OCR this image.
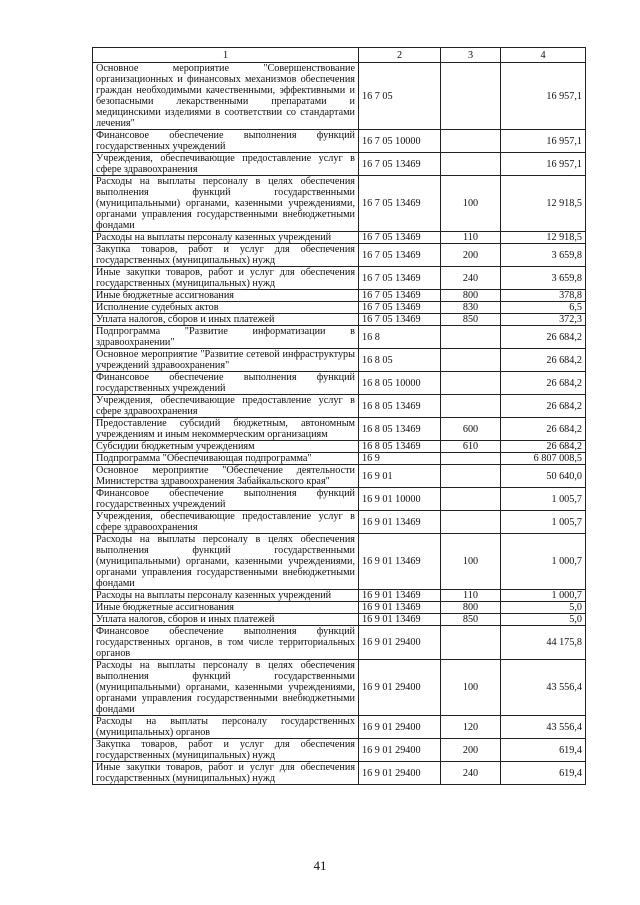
1	2	3	4
Основное мероприятие "Совершенствование организационных и финансовых механизмов обеспечения граждан необходимыми качественными, эффективными и безопасными лекарственными препаратами и медицинскими изделиями в соответствии со стандартами лечения"	16 7 05		16 957,1
Финансовое обеспечение выполнения функций государственных учреждений	16 7 05 10000		16 957,1
Учреждения, обеспечивающие предоставление услуг в сфере здравоохранения	16 7 05 13469		16 957,1
Расходы на выплаты персоналу в целях обеспечения выполнения функций государственными (муниципальными) органами, казенными учреждениями, органами управления государственными внебюджетными фондами	16 7 05 13469	100	12 918,5
Расходы на выплаты персоналу казенных учреждений	16 7 05 13469	110	12 918,5
Закупка товаров, работ и услуг для обеспечения государственных (муниципальных) нужд	16 7 05 13469	200	3 659,8
Иные закупки товаров, работ и услуг для обеспечения государственных (муниципальных) нужд	16 7 05 13469	240	3 659,8
Иные бюджетные ассигнования	16 7 05 13469	800	378,8
Исполнение судебных актов	16 7 05 13469	830	6,5
Уплата налогов, сборов и иных платежей	16 7 05 13469	850	372,3
Подпрограмма "Развитие информатизации в здравоохранении"	16 8		26 684,2
Основное мероприятие "Развитие сетевой инфраструктуры учреждений здравоохранения"	16 8 05		26 684,2
Финансовое обеспечение выполнения функций государственных учреждений	16 8 05 10000		26 684,2
Учреждения, обеспечивающие предоставление услуг в сфере здравоохранения	16 8 05 13469		26 684,2
Предоставление субсидий бюджетным, автономным учреждениям и иным некоммерческим организациям	16 8 05 13469	600	26 684,2
Субсидии бюджетным учреждениям	16 8 05 13469	610	26 684,2
Подпрограмма "Обеспечивающая подпрограмма"	16 9		6 807 008,5
Основное мероприятие "Обеспечение деятельности Министерства здравоохранения Забайкальского края"	16 9 01		50 640,0
Финансовое обеспечение выполнения функций государственных учреждений	16 9 01 10000		1 005,7
Учреждения, обеспечивающие предоставление услуг в сфере здравоохранения	16 9 01 13469		1 005,7
Расходы на выплаты персоналу в целях обеспечения выполнения функций государственными (муниципальными) органами, казенными учреждениями, органами управления государственными внебюджетными фондами	16 9 01 13469	100	1 000,7
Расходы на выплаты персоналу казенных учреждений	16 9 01 13469	110	1 000,7
Иные бюджетные ассигнования	16 9 01 13469	800	5,0
Уплата налогов, сборов и иных платежей	16 9 01 13469	850	5,0
Финансовое обеспечение выполнения функций государственных органов, в том числе территориальных органов	16 9 01 29400		44 175,8
Расходы на выплаты персоналу в целях обеспечения выполнения функций государственными (муниципальными) органами, казенными учреждениями, органами управления государственными внебюджетными фондами	16 9 01 29400	100	43 556,4
Расходы на выплаты персоналу государственных (муниципальных) органов	16 9 01 29400	120	43 556,4
Закупка товаров, работ и услуг для обеспечения государственных (муниципальных) нужд	16 9 01 29400	200	619,4
Иные закупки товаров, работ и услуг для обеспечения государственных (муниципальных) нужд	16 9 01 29400	240	619,4
41
